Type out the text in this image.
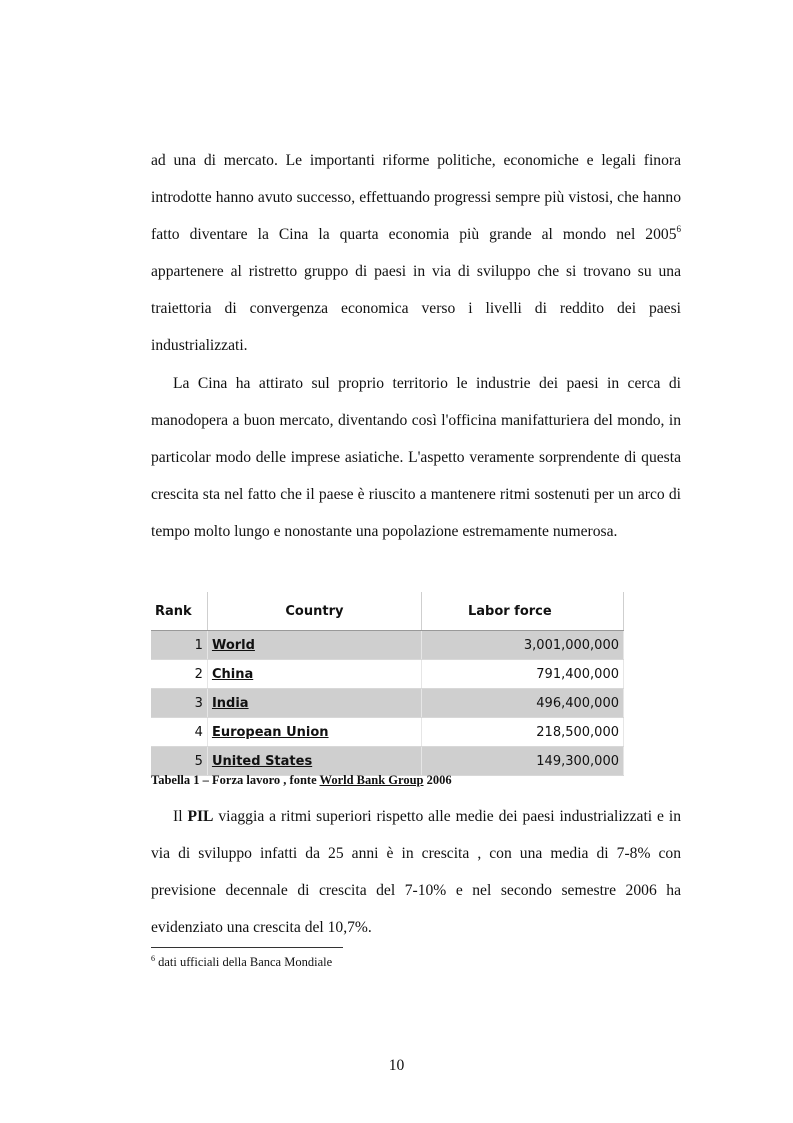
ad una di mercato. Le importanti riforme politiche, economiche e legali finora introdotte hanno avuto successo, effettuando progressi sempre più vistosi, che hanno fatto diventare la Cina la quarta economia più grande al mondo nel 2005$^6$ appartenere al ristretto gruppo di paesi in via di sviluppo che si trovano su una traiettoria di convergenza economica verso i livelli di reddito dei paesi industrializzati.

La Cina ha attirato sul proprio territorio le industrie dei paesi in cerca di manodopera a buon mercato, diventando così l'officina manifatturiera del mondo, in particolar modo delle imprese asiatiche. L'aspetto veramente sorprendente di questa crescita sta nel fatto che il paese è riuscito a mantenere ritmi sostenuti per un arco di tempo molto lungo e nonostante una popolazione estremamente numerosa.

Rank	Country	Labor force
1	World	3,001,000,000
2	China	791,400,000
3	India	496,400,000
4	European Union	218,500,000
5	United States	149,300,000
Tabella 1 – Forza lavoro , fonte World Bank Group 2006

Il PIL viaggia a ritmi superiori rispetto alle medie dei paesi industrializzati e in via di sviluppo infatti da 25 anni è in crescita , con una media di 7-8% con previsione decennale di crescita del 7-10% e nel secondo semestre 2006 ha evidenziato una crescita del 10,7%.

$^6$ dati ufficiali della Banca Mondiale
10
